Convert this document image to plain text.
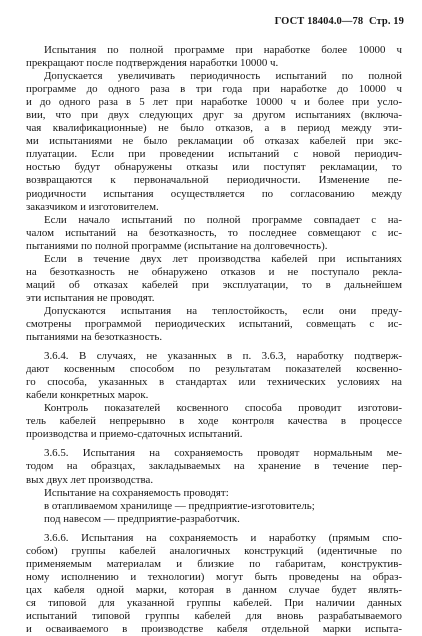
ГОСТ 18404.0—78 Стр. 19
Испытания по полной программе при наработке более 10000 ч
прекращают после подтверждения наработки 10000 ч.
Допускается увеличивать периодичность испытаний по полной
программе до одного раза в три года при наработке до 10000 ч
и до одного раза в 5 лет при наработке 10000 ч и более при усло-
вии, что при двух следующих друг за другом испытаниях (включа-
чая квалификационные) не было отказов, а в период между эти-
ми испытаниями не было рекламации об отказах кабелей при экс-
плуатации. Если при проведении испытаний с новой периодич-
ностью будут обнаружены отказы или поступят рекламации, то
возвращаются к первоначальной периодичности. Изменение пе-
риодичности испытания осуществляется по согласованию между
заказчиком и изготовителем.
Если начало испытаний по полной программе совпадает с на-
чалом испытаний на безотказность, то последнее совмещают с ис-
пытаниями по полной программе (испытание на долговечность).
Если в течение двух лет производства кабелей при испытаниях
на безотказность не обнаружено отказов и не поступало рекла-
маций об отказах кабелей при эксплуатации, то в дальнейшем
эти испытания не проводят.
Допускаются испытания на теплостойкость, если они преду-
смотрены программой периодических испытаний, совмещать с ис-
пытаниями на безотказность.
3.6.4. В случаях, не указанных в п. 3.6.3, наработку подтверж-
дают косвенным способом по результатам показателей косвенно-
го способа, указанных в стандартах или технических условиях на
кабели конкретных марок.
Контроль показателей косвенного способа проводит изготови-
тель кабелей непрерывно в ходе контроля качества в процессе
производства и приемо-сдаточных испытаний.
3.6.5. Испытания на сохраняемость проводят нормальным ме-
тодом на образцах, закладываемых на хранение в течение пер-
вых двух лет производства.
Испытание на сохраняемость проводят:
в отапливаемом хранилище — предприятие-изготовитель;
под навесом — предприятие-разработчик.
3.6.6. Испытания на сохраняемость и наработку (прямым спо-
собом) группы кабелей аналогичных конструкций (идентичные по
применяемым материалам и близкие по габаритам, конструктив-
ному исполнению и технологии) могут быть проведены на образ-
цах кабеля одной марки, которая в данном случае будет являть-
ся типовой для указанной группы кабелей. При наличии данных
испытаний типовой группы кабелей для вновь разрабатываемого
и осваиваемого в производстве кабеля отдельной марки испыта-
